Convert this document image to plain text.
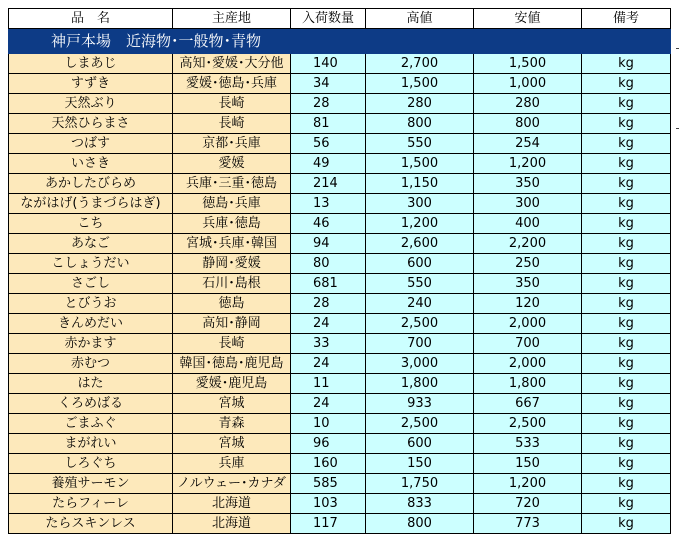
神戸本場　近海物･一般物･青物					
品　名	主産地	入荷数量	高値	安値	備考
しまあじ	高知･愛媛･大分他	140	2,700	1,500	kg
すずき	愛媛･徳島･兵庫	34	1,500	1,000	kg
天然ぶり	長崎	28	280	280	kg
天然ひらまさ	長崎	81	800	800	kg
つばす	京都･兵庫	56	550	254	kg
いさき	愛媛	49	1,500	1,200	kg
あかしたびらめ	兵庫･三重･徳島	214	1,150	350	kg
ながはげ(うまづらはぎ)	徳島･兵庫	13	300	300	kg
こち	兵庫･徳島	46	1,200	400	kg
あなご	宮城･兵庫･韓国	94	2,600	2,200	kg
こしょうだい	静岡･愛媛	80	600	250	kg
さごし	石川･島根	681	550	350	kg
とびうお	徳島	28	240	120	kg
きんめだい	高知･静岡	24	2,500	2,000	kg
赤かます	長崎	33	700	700	kg
赤むつ	韓国･徳島･鹿児島	24	3,000	2,000	kg
はた	愛媛･鹿児島	11	1,800	1,800	kg
くろめばる	宮城	24	933	667	kg
ごまふぐ	青森	10	2,500	2,500	kg
まがれい	宮城	96	600	533	kg
しろぐち	兵庫	160	150	150	kg
養殖サーモン	ノルウェー･カナダ	585	1,750	1,200	kg
たらフィーレ	北海道	103	833	720	kg
たらスキンレス	北海道	117	800	773	kg
